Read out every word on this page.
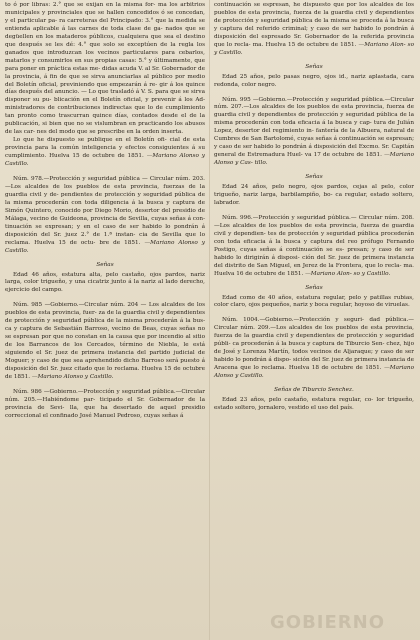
to ó por libras: 2.° que se exijan en la misma for- ma los arbitrios municipales y provinciales que se hallen concedidos ó se concedan, y el particular pa- ra carreteras del Principado: 3.° que la medida se entienda aplicable á las carnes de toda clase de ga- nados que se degüellen en los mataderos públicos, cualquiera que sea el destino que después se les dé: 4.° que solo se exceptúen de la regla los ganados que introduzcan los vecinos particulares para cebarlos, matarlos y consumirlos en sus propias casas: 5.° y últimamente, que para poner en práctica estas me- didas acuda V. al Sr. Gobernador de la provincia, á fin de que se sirva anunciarlas al público por medio del Boletín oficial, previniendo que empezarán á re- gir á los quince días después del anuncio. — Lo que trasladó á V. S. para que se sirva disponer su pu- blicación en el Boletín oficial, y prevenir á los Ad- ministradores de contribuciones indirectas que lo de cumplimiento tan pronto como trascurran quince días, contados desde el de la publicación, si bien que no se vislumbran en practicando los abusos de las car- nes del modo que se prescribe en la orden inserta.

Lo que he dispuesto se publique en el Boletín ofi- cial de esta provincia para la común inteligencia y efectos consiguientes á su cumplimiento. Huelva 15 de octubre de 1851. —Mariano Alonso y Castillo.

Núm. 978.—Protección y seguridad pública — Circular núm. 203. —Los alcaldes de los pueblos de esta provincia, fuerzas de la guardia civil y de- pendientes de protección y seguridad pública de la misma procederán con toda diligencia á la busca y captura de Simón Quintero, conocido por Diego Morio, desertor del presidio de Málaga, vecino de Guideona, provincia de Sevilla, cuyas señas á con- tinuación se expresan; y en el caso de ser habido lo pondrán á disposición del Sr. juez 2.° de 1.ª instan- cia de Sevilla que lo reclama. Huelva 15 de octu- bre de 1851. —Mariano Alonso y Castillo.

Señas

Edad 46 años, estatura alta, pelo castaño, ojos pardos, nariz larga, color trigueño, y una cicatriz junto á la nariz al lado derecho, ejercicio del campo.

Núm. 985 —Gobierno.—Circular núm. 204 — Los alcaldes de los pueblos de esta provincia, fuer- za de la guardia civil y dependientes de protección y seguridad pública de la misma procederán á la bus- ca y captura de Sebastián Barroso, vecino de Beas, cuyas señas no se espresan por que no constan en la causa que por incendio al sitio de los Barrancos de los Cercados, término de Niebla, le está siguiendo el Sr. juez de primera instancia del partido judicial de Moguer; y caso de que sea aprehendido dicho Barroso será puesto á disposición del Sr. juez citado que lo reclama. Huelva 15 de octubre de 1851. —Mariano Alonso y Castillo.

Núm. 986 —Gobierno.—Protección y seguridad pública.—Circular núm. 205.—Habiéndome par- ticipado el Sr. Gobernador de la provincia de Sevi- lla, que ha desertado de aquel presidio correccional el confinado José Manuel Pedroso, cuyas señas á

continuación se espresan, he dispuesto que por los alcaldes de los pueblos de esta provincia, fuerza de la guardia civil y dependientes de protección y seguridad pública de la misma se proceda á la busca y captura del referido criminal; y caso de ser habido lo pondrán á disposición del espresado Sr. Gobernador de la referida provincia que lo recla- ma. Huelva 15 de octubre de 1851. —Mariano Alon- so y Castillo.

Señas

Edad 25 años, pelo pasas negro, ojos id., nariz aplastada, cara redonda, color negro.

Núm. 995 —Gobierno.—Protección y seguridad pública.—Circular núm. 207.—Los alcaldes de los pueblos de esta provincia, fuerza de guardia civil y dependientes de protección y seguridad pública de la misma procederán con toda eficacia á la busca y cap- tura de Julián Lopez, desertor del regimiento in- fantería de la Albuera, natural de Cumbres de San Bartolomé, cuyas señas á continuación se espresan; y caso de ser habido lo pondrán á disposición del Excmo. Sr. Capitán general de Estremadura Huel- va 17 de octubre de 1851. —Mariano Alonso y Cas- tillo.

Señas

Edad 24 años, pelo negro, ojos pardos, cejas al pelo, color trigueño, nariz larga, barbilampiño, bo- ca regular, estado soltero, labrador.

Núm. 996.—Protección y seguridad pública.— Circular núm. 208.—Los alcaldes de los pueblos de esta provincia, fuerza de guardia civil y dependien- tes de protección y seguridad pública procederán con toda eficacia á la busca y captura del reo prófugo Fernando Postigo, cuyas señas á continuación se es- presan; y caso de ser habido lo dirigirán á disposi- ción del Sr. juez de primera instancia del distrito de San Miguel, en Jerez de la Frontera, que lo recla- ma. Huelva 16 de octubre de 1851. —Mariano Alon- so y Castillo.

Señas

Edad como de 40 años, estatura regular, pelo y patillas rubias, color claro, ojos pequeños, nariz y boca regular, hoyoso de viruelas.

Núm. 1004.—Gobierno.—Protección y seguri- dad pública.—Circular núm. 209.—Los alcaldes de los pueblos de esta provincia, fuerza de la guardia civil y dependientes de protección y seguridad públi- ca procederán á la busca y captura de Tiburcio Sen- chez, hijo de José y Lorenza Martín, todos vecinos de Aljaraque; y caso de ser habido lo pondrán á dispo- sición del Sr. juez de primera instancia de Aracena que lo reclama. Huelva 18 de octubre de 1851. —Mariano Alonso y Castillo.

Señas de Tiburcio Senchez.

Edad 23 años, pelo castaño, estatura regular, co- lor trigueño, estado soltero, jornalero, vestido el uso del país.

GOBIERNO
